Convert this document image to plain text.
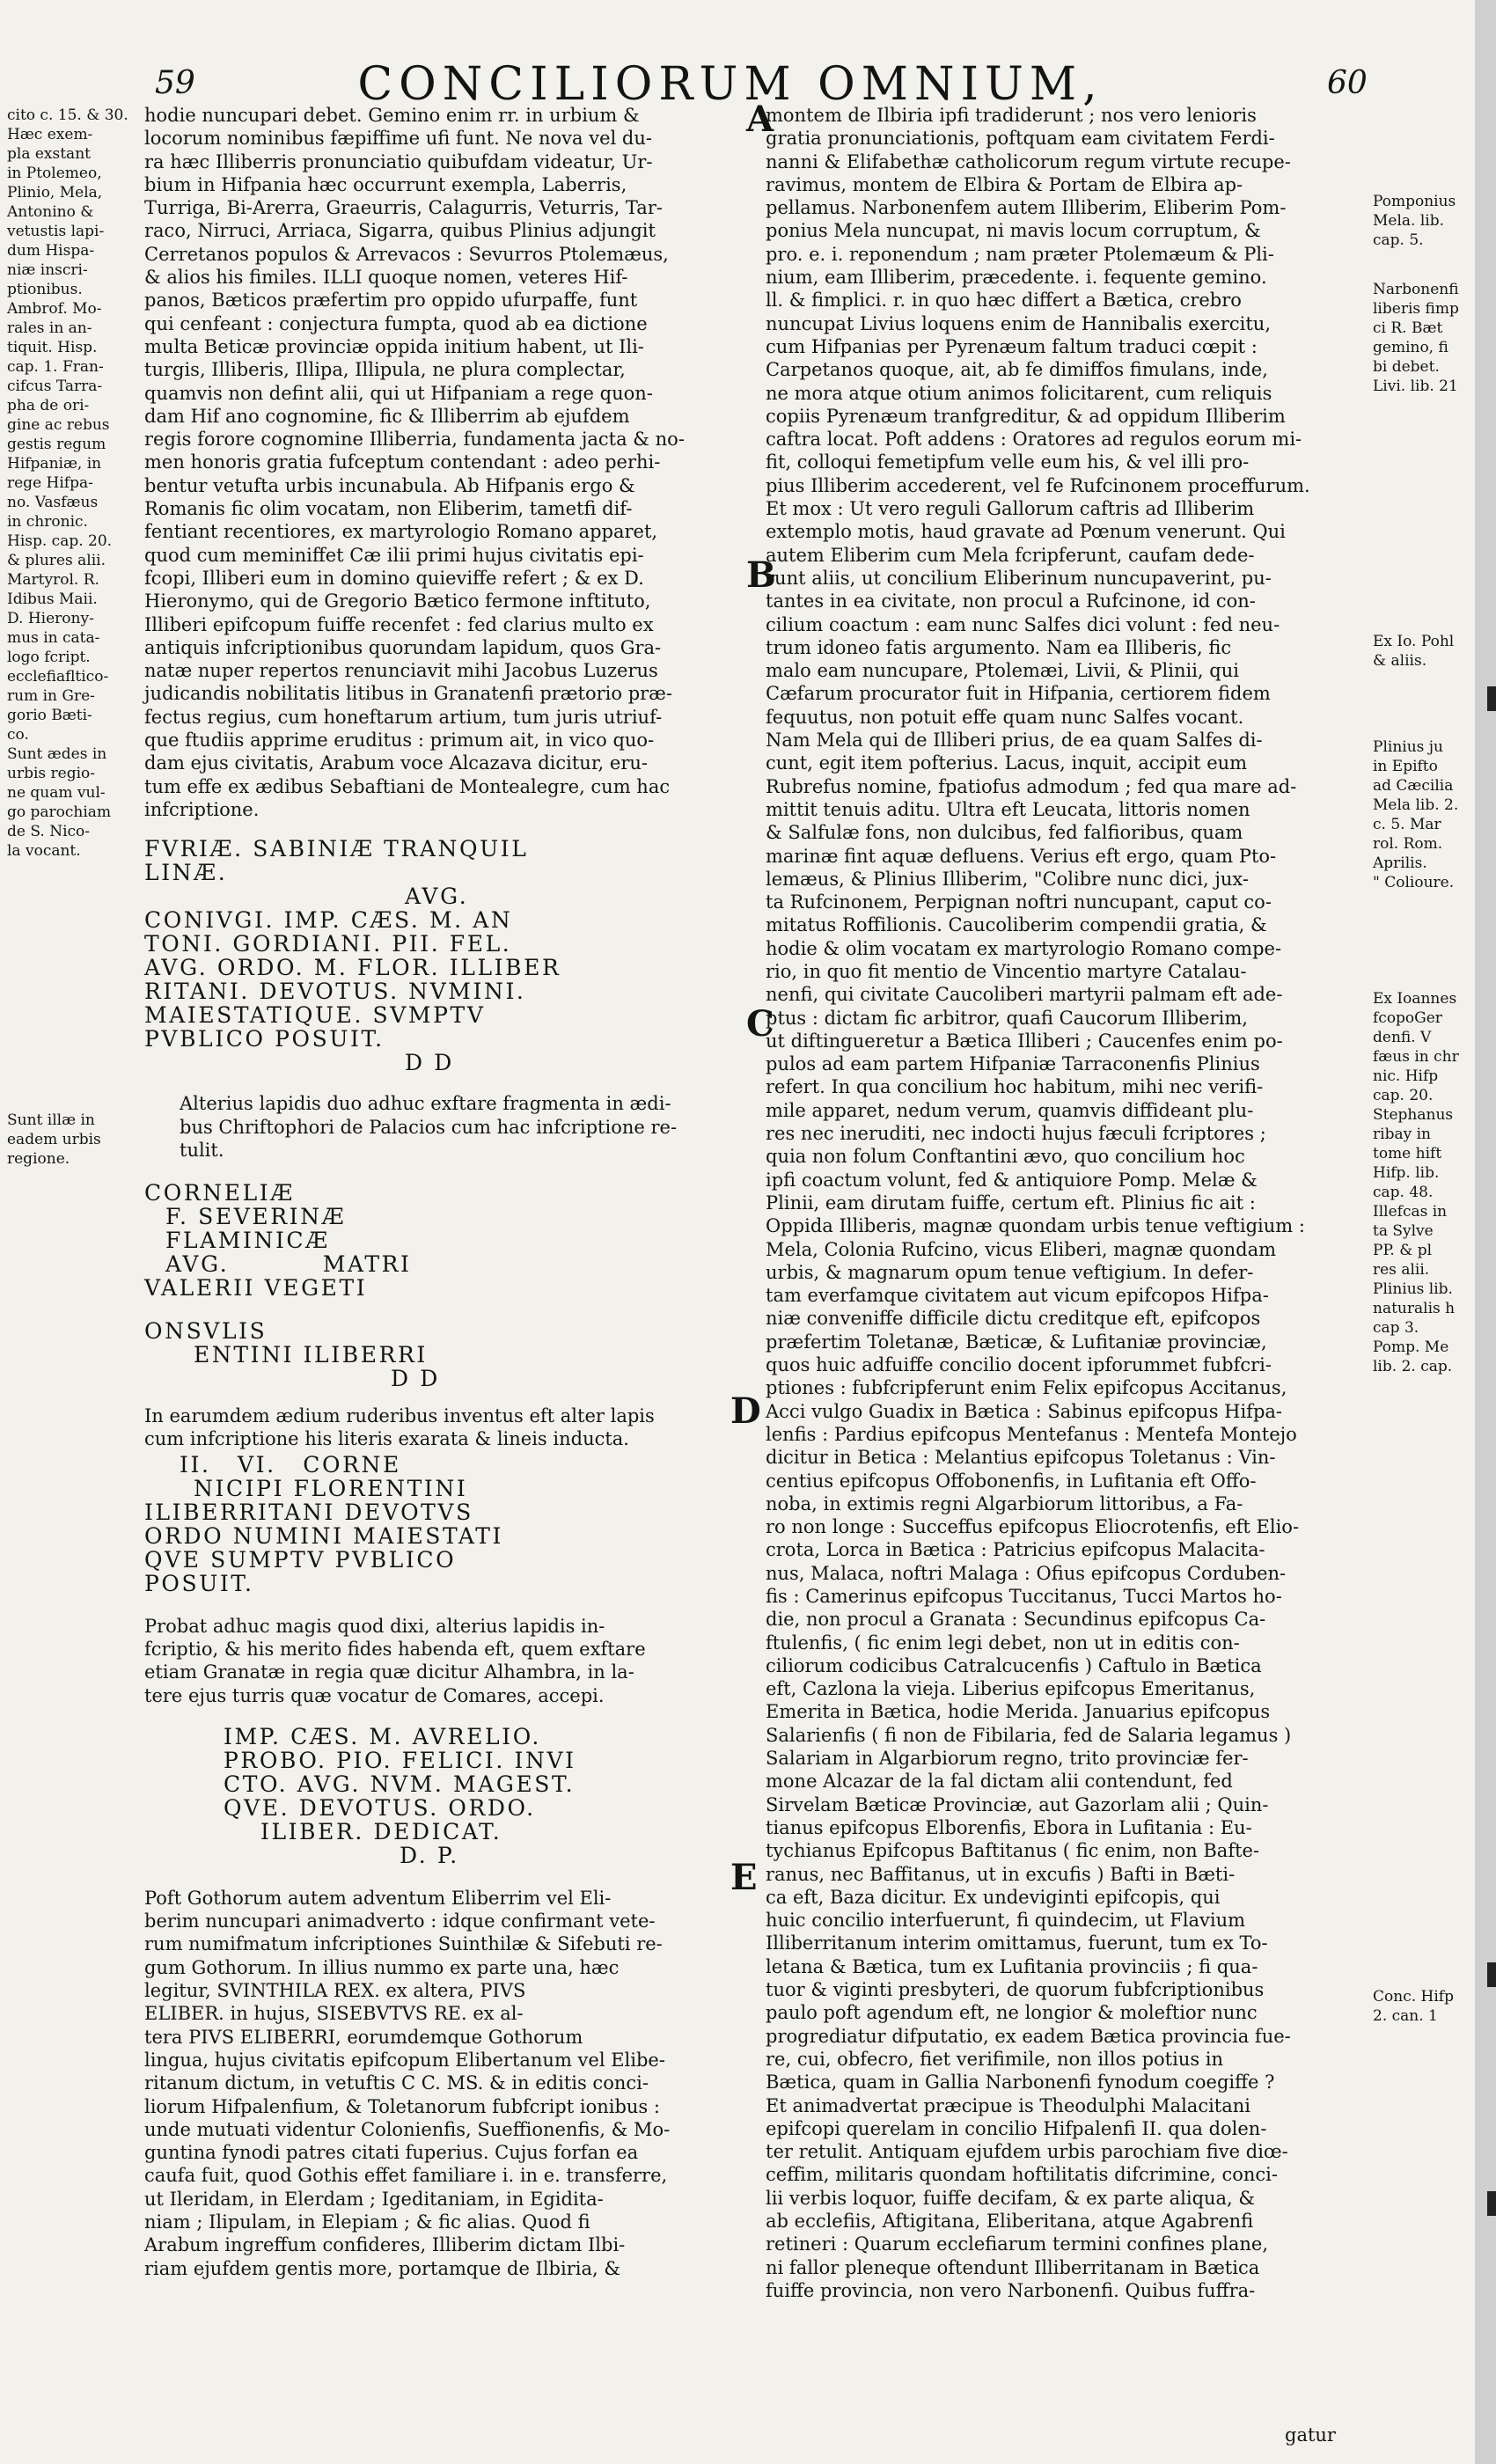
59	CONCILIORUM OMNIUM,	60
cito c. 15. & 30.
Hæc exem-
pla exstant
in Ptolemeo,
Plinio, Mela,
Antonino &
vetustis lapi-
dum Hispa-
niæ inscri-
ptionibus.
Ambrof. Mo-
rales in an-
tiquit. Hisp.
cap. 1. Fran-
cifcus Tarra-
pha de ori-
gine ac rebus
gestis regum
Hifpaniæ, in
rege Hifpa-
no. Vasfæus
in chronic.
Hisp. cap. 20.
& plures alii.
Martyrol. R.
Idibus Maii.
D. Hierony-
mus in cata-
logo fcript.
ecclefiafltico-
rum in Gre-
gorio Bæti-
co.
Sunt ædes in
urbis regio-
ne quam vul-
go parochiam
de S. Nico-
la vocant.
Sunt illæ in
eadem urbis
regione.
hodie nuncupari debet. Gemino enim rr. in urbium &
locorum nominibus fæpiffime ufi funt. Ne nova vel du-
ra hæc Illiberris pronunciatio quibufdam videatur, Ur-
bium in Hifpania hæc occurrunt exempla, Laberris,
Turriga, Bi-Arerra, Graeurris, Calagurris, Veturris, Tar-
raco, Nirruci, Arriaca, Sigarra, quibus Plinius adjungit
Cerretanos populos & Arrevacos : Sevurros Ptolemæus,
& alios his fimiles. ILLI quoque nomen, veteres Hif-
panos, Bæticos præfertim pro oppido ufurpaffe, funt
qui cenfeant : conjectura fumpta, quod ab ea dictione
multa Beticæ provinciæ oppida initium habent, ut Ili-
turgis, Illiberis, Illipa, Illipula, ne plura complectar,
quamvis non defint alii, qui ut Hifpaniam a rege quon-
dam Hif ano cognomine, fic & Illiberrim ab ejufdem
regis forore cognomine Illiberria, fundamenta jacta & no-
men honoris gratia fufceptum contendant : adeo perhi-
bentur vetufta urbis incunabula. Ab Hifpanis ergo &
Romanis fic olim vocatam, non Eliberim, tametfi dif-
fentiant recentiores, ex martyrologio Romano apparet,
quod cum meminiffet Cæ ilii primi hujus civitatis epi-
fcopi, Illiberi eum in domino quieviffe refert ; & ex D.
Hieronymo, qui de Gregorio Bætico fermone inftituto,
Illiberi epifcopum fuiffe recenfet : fed clarius multo ex
antiquis infcriptionibus quorundam lapidum, quos Gra-
natæ nuper repertos renunciavit mihi Jacobus Luzerus
judicandis nobilitatis litibus in Granatenfi prætorio præ-
fectus regius, cum honeftarum artium, tum juris utriuf-
que ftudiis apprime eruditus : primum ait, in vico quo-
dam ejus civitatis, Arabum voce Alcazava dicitur, eru-
tum effe ex ædibus Sebaftiani de Montealegre, cum hac
infcriptione.
FVRIÆ. SABINIÆ TRANQUIL
LINÆ.
AVG.
CONIVGI. IMP. CÆS. M. AN
TONI. GORDIANI. PII. FEL.
AVG. ORDO. M. FLOR. ILLIBER
RITANI. DEVOTUS. NVMINI.
MAIESTATIQUE. SVMPTV
PVBLICO POSUIT.
D D
Alterius lapidis duo adhuc exftare fragmenta in ædi-
bus Chriftophori de Palacios cum hac infcriptione re-
tulit.
CORNELIÆ
F. SEVERINÆ
FLAMINICÆ
AVG. MATRI
VALERII VEGETI
ONSVLIS
ENTINI ILIBERRI
D D
In earumdem ædium ruderibus inventus eft alter lapis
cum infcriptione his literis exarata & lineis inducta.
II. VI. CORNE
NICIPI FLORENTINI
ILIBERRITANI DEVOTVS
ORDO NUMINI MAIESTATI
QVE SUMPTV PVBLICO
POSUIT.
Probat adhuc magis quod dixi, alterius lapidis in-
fcriptio, & his merito fides habenda eft, quem exftare
etiam Granatæ in regia quæ dicitur Alhambra, in la-
tere ejus turris quæ vocatur de Comares, accepi.
IMP. CÆS. M. AVRELIO.
PROBO. PIO. FELICI. INVI
CTO. AVG. NVM. MAGEST.
QVE. DEVOTUS. ORDO.
ILIBER. DEDICAT.
D. P.
Poft Gothorum autem adventum Eliberrim vel Eli-
berim nuncupari animadverto : idque confirmant vete-
rum numifmatum infcriptiones Suinthilæ & Sifebuti re-
gum Gothorum. In illius nummo ex parte una, hæc
legitur, SVINTHILA REX. ex altera, PIVS
ELIBER. in hujus, SISEBVTVS RE. ex al-
tera PIVS ELIBERRI, eorumdemque Gothorum
lingua, hujus civitatis epifcopum Elibertanum vel Elibe-
ritanum dictum, in vetuftis C C. MS. & in editis conci-
liorum Hifpalenfium, & Toletanorum fubfcript ionibus :
unde mutuati videntur Colonienfis, Sueffionenfis, & Mo-
guntina fynodi patres citati fuperius. Cujus forfan ea
caufa fuit, quod Gothis effet familiare i. in e. transferre,
ut Ileridam, in Elerdam ; Igeditaniam, in Egidita-
niam ; Ilipulam, in Elepiam ; & fic alias. Quod fi
Arabum ingreffum confideres, Illiberim dictam Ilbi-
riam ejufdem gentis more, portamque de Ilbiria, &
montem de Ilbiria ipfi tradiderunt ; nos vero lenioris
gratia pronunciationis, poftquam eam civitatem Ferdi-
nanni & Elifabethæ catholicorum regum virtute recupe-
ravimus, montem de Elbira & Portam de Elbira ap-
pellamus. Narbonenfem autem Illiberim, Eliberim Pom-
ponius Mela nuncupat, ni mavis locum corruptum, &
pro. e. i. reponendum ; nam præter Ptolemæum & Pli-
nium, eam Illiberim, præcedente. i. fequente gemino.
ll. & fimplici. r. in quo hæc differt a Bætica, crebro
nuncupat Livius loquens enim de Hannibalis exercitu,
cum Hifpanias per Pyrenæum faltum traduci cœpit :
Carpetanos quoque, ait, ab fe dimiffos fimulans, inde,
ne mora atque otium animos folicitarent, cum reliquis
copiis Pyrenæum tranfgreditur, & ad oppidum Illiberim
caftra locat. Poft addens : Oratores ad regulos eorum mi-
fit, colloqui femetipfum velle eum his, & vel illi pro-
pius Illiberim accederent, vel fe Rufcinonem proceffurum.
Et mox : Ut vero reguli Gallorum caftris ad Illiberim
extemplo motis, haud gravate ad Pœnum venerunt. Qui
autem Eliberim cum Mela fcripferunt, caufam dede-
runt aliis, ut concilium Eliberinum nuncupaverint, pu-
tantes in ea civitate, non procul a Rufcinone, id con-
cilium coactum : eam nunc Salfes dici volunt : fed neu-
trum idoneo fatis argumento. Nam ea Illiberis, fic
malo eam nuncupare, Ptolemæi, Livii, & Plinii, qui
Cæfarum procurator fuit in Hifpania, certiorem fidem
fequutus, non potuit effe quam nunc Salfes vocant.
Nam Mela qui de Illiberi prius, de ea quam Salfes di-
cunt, egit item pofterius. Lacus, inquit, accipit eum
Rubrefus nomine, fpatiofus admodum ; fed qua mare ad-
mittit tenuis aditu. Ultra eft Leucata, littoris nomen
& Salfulæ fons, non dulcibus, fed falfioribus, quam
marinæ fint aquæ defluens. Verius eft ergo, quam Pto-
lemæus, & Plinius Illiberim, "Colibre nunc dici, jux-
ta Rufcinonem, Perpignan noftri nuncupant, caput co-
mitatus Roffilionis. Caucoliberim compendii gratia, &
hodie & olim vocatam ex martyrologio Romano compe-
rio, in quo fit mentio de Vincentio martyre Catalau-
nenfi, qui civitate Caucoliberi martyrii palmam eft ade-
ptus : dictam fic arbitror, quafi Caucorum Illiberim,
ut diftingueretur a Bætica Illiberi ; Caucenfes enim po-
pulos ad eam partem Hifpaniæ Tarraconenfis Plinius
refert. In qua concilium hoc habitum, mihi nec verifi-
mile apparet, nedum verum, quamvis diffideant plu-
res nec ineruditi, nec indocti hujus fæculi fcriptores ;
quia non folum Conftantini ævo, quo concilium hoc
ipfi coactum volunt, fed & antiquiore Pomp. Melæ &
Plinii, eam dirutam fuiffe, certum eft. Plinius fic ait :
Oppida Illiberis, magnæ quondam urbis tenue veftigium :
Mela, Colonia Rufcino, vicus Eliberi, magnæ quondam
urbis, & magnarum opum tenue veftigium. In defer-
tam everfamque civitatem aut vicum epifcopos Hifpa-
niæ conveniffe difficile dictu creditque eft, epifcopos
præfertim Toletanæ, Bæticæ, & Lufitaniæ provinciæ,
quos huic adfuiffe concilio docent ipforummet fubfcri-
ptiones : fubfcripferunt enim Felix epifcopus Accitanus,
Acci vulgo Guadix in Bætica : Sabinus epifcopus Hifpa-
lenfis : Pardius epifcopus Mentefanus : Mentefa Montejo
dicitur in Betica : Melantius epifcopus Toletanus : Vin-
centius epifcopus Offobonenfis, in Lufitania eft Offo-
noba, in extimis regni Algarbiorum littoribus, a Fa-
ro non longe : Succeffus epifcopus Eliocrotenfis, eft Elio-
crota, Lorca in Bætica : Patricius epifcopus Malacita-
nus, Malaca, noftri Malaga : Ofius epifcopus Corduben-
fis : Camerinus epifcopus Tuccitanus, Tucci Martos ho-
die, non procul a Granata : Secundinus epifcopus Ca-
ftulenfis, ( fic enim legi debet, non ut in editis con-
ciliorum codicibus Catralcucenfis ) Caftulo in Bætica
eft, Cazlona la vieja. Liberius epifcopus Emeritanus,
Emerita in Bætica, hodie Merida. Januarius epifcopus
Salarienfis ( fi non de Fibilaria, fed de Salaria legamus )
Salariam in Algarbiorum regno, trito provinciæ fer-
mone Alcazar de la fal dictam alii contendunt, fed
Sirvelam Bæticæ Provinciæ, aut Gazorlam alii ; Quin-
tianus epifcopus Elborenfis, Ebora in Lufitania : Eu-
tychianus Epifcopus Baftitanus ( fic enim, non Bafte-
ranus, nec Baffitanus, ut in excufis ) Bafti in Bæti-
ca eft, Baza dicitur. Ex undeviginti epifcopis, qui
huic concilio interfuerunt, fi quindecim, ut Flavium
Illiberritanum interim omittamus, fuerunt, tum ex To-
letana & Bætica, tum ex Lufitania provinciis ; fi qua-
tuor & viginti presbyteri, de quorum fubfcriptionibus
paulo poft agendum eft, ne longior & moleftior nunc
progrediatur difputatio, ex eadem Bætica provincia fue-
re, cui, obfecro, fiet verifimile, non illos potius in
Bætica, quam in Gallia Narbonenfi fynodum coegiffe ?
Et animadvertat præcipue is Theodulphi Malacitani
epifcopi querelam in concilio Hifpalenfi II. qua dolen-
ter retulit. Antiquam ejufdem urbis parochiam five diœ-
ceffim, militaris quondam hoftilitatis difcrimine, conci-
lii verbis loquor, fuiffe decifam, & ex parte aliqua, &
ab ecclefiis, Aftigitana, Eliberitana, atque Agabrenfi
retineri : Quarum ecclefiarum termini confines plane,
ni fallor pleneque oftendunt Illiberritanam in Bætica
fuiffe provincia, non vero Narbonenfi. Quibus fuffra-
gatur
A
B
C
D
E
Pomponius
Mela. lib.
cap. 5.
Narbonenfi
liberis fimp
ci R. Bæt
gemino, fi
bi debet.
Livi. lib. 21
Ex Io. Pohl
& aliis.
Plinius ju
in Epifto
ad Cæcilia
Mela lib. 2.
c. 5. Mar
rol. Rom.
Aprilis.
" Colioure.
Ex Ioannes
fcopoGer
denfi. V
fæus in chr
nic. Hifp
cap. 20.
Stephanus
ribay in
tome hift
Hifp. lib.
cap. 48.
Illefcas in
ta Sylve
PP. & pl
res alii.
Plinius lib.
naturalis h
cap 3.
Pomp. Me
lib. 2. cap.
Conc. Hifp
2. can. 1
